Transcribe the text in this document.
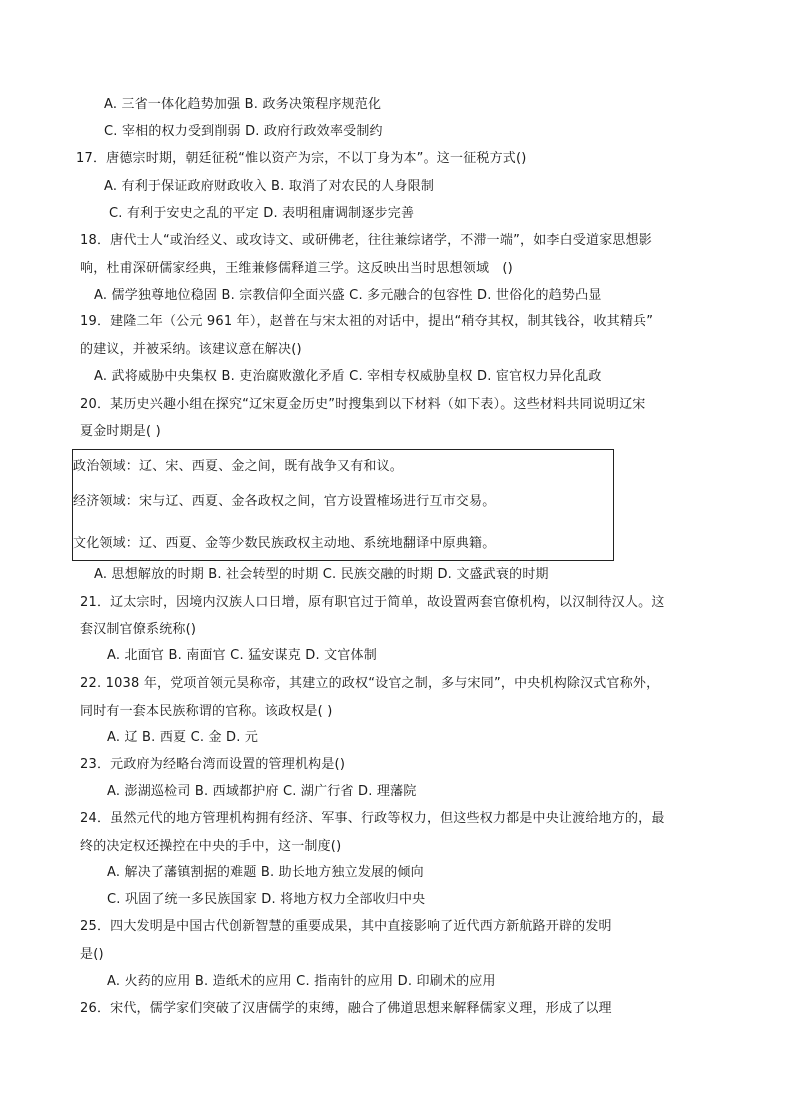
A. 三省一体化趋势加强 B. 政务决策程序规范化
C. 宰相的权力受到削弱 D. 政府行政效率受制约
17．唐德宗时期，朝廷征税“惟以资产为宗，不以丁身为本”。这一征税方式()
A. 有利于保证政府财政收入 B. 取消了对农民的人身限制
C. 有利于安史之乱的平定 D. 表明租庸调制逐步完善
18．唐代士人“或治经义、或攻诗文、或研佛老，往往兼综诸学，不滞一端”，如李白受道家思想影
响，杜甫深研儒家经典，王维兼修儒释道三学。这反映出当时思想领域　()
A. 儒学独尊地位稳固 B. 宗教信仰全面兴盛 C. 多元融合的包容性 D. 世俗化的趋势凸显
19．建隆二年（公元 961 年），赵普在与宋太祖的对话中，提出“稍夺其权，制其钱谷，收其精兵”
的建议，并被采纳。该建议意在解决()
A. 武将威胁中央集权 B. 吏治腐败激化矛盾 C. 宰相专权威胁皇权 D. 宦官权力异化乱政
20．某历史兴趣小组在探究“辽宋夏金历史”时搜集到以下材料（如下表）。这些材料共同说明辽宋
夏金时期是( )
政治领域：辽、宋、西夏、金之间，既有战争又有和议。
经济领域：宋与辽、西夏、金各政权之间，官方设置榷场进行互市交易。
文化领域：辽、西夏、金等少数民族政权主动地、系统地翻译中原典籍。
A. 思想解放的时期 B. 社会转型的时期 C. 民族交融的时期 D. 文盛武衰的时期
21．辽太宗时，因境内汉族人口日增，原有职官过于简单，故设置两套官僚机构，以汉制待汉人。这
套汉制官僚系统称()
A. 北面官 B. 南面官 C. 猛安谋克 D. 文官体制
22. 1038 年，党项首领元昊称帝，其建立的政权“设官之制，多与宋同”，中央机构除汉式官称外，
同时有一套本民族称谓的官称。该政权是( )
A. 辽 B. 西夏 C. 金 D. 元
23．元政府为经略台湾而设置的管理机构是()
A. 澎湖巡检司 B. 西域都护府 C. 湖广行省 D. 理藩院
24．虽然元代的地方管理机构拥有经济、军事、行政等权力，但这些权力都是中央让渡给地方的，最
终的决定权还操控在中央的手中，这一制度()
A. 解决了藩镇割据的难题 B. 助长地方独立发展的倾向
C. 巩固了统一多民族国家 D. 将地方权力全部收归中央
25．四大发明是中国古代创新智慧的重要成果，其中直接影响了近代西方新航路开辟的发明
是()
A. 火药的应用 B. 造纸术的应用 C. 指南针的应用 D. 印刷术的应用
26．宋代，儒学家们突破了汉唐儒学的束缚，融合了佛道思想来解释儒家义理，形成了以理
